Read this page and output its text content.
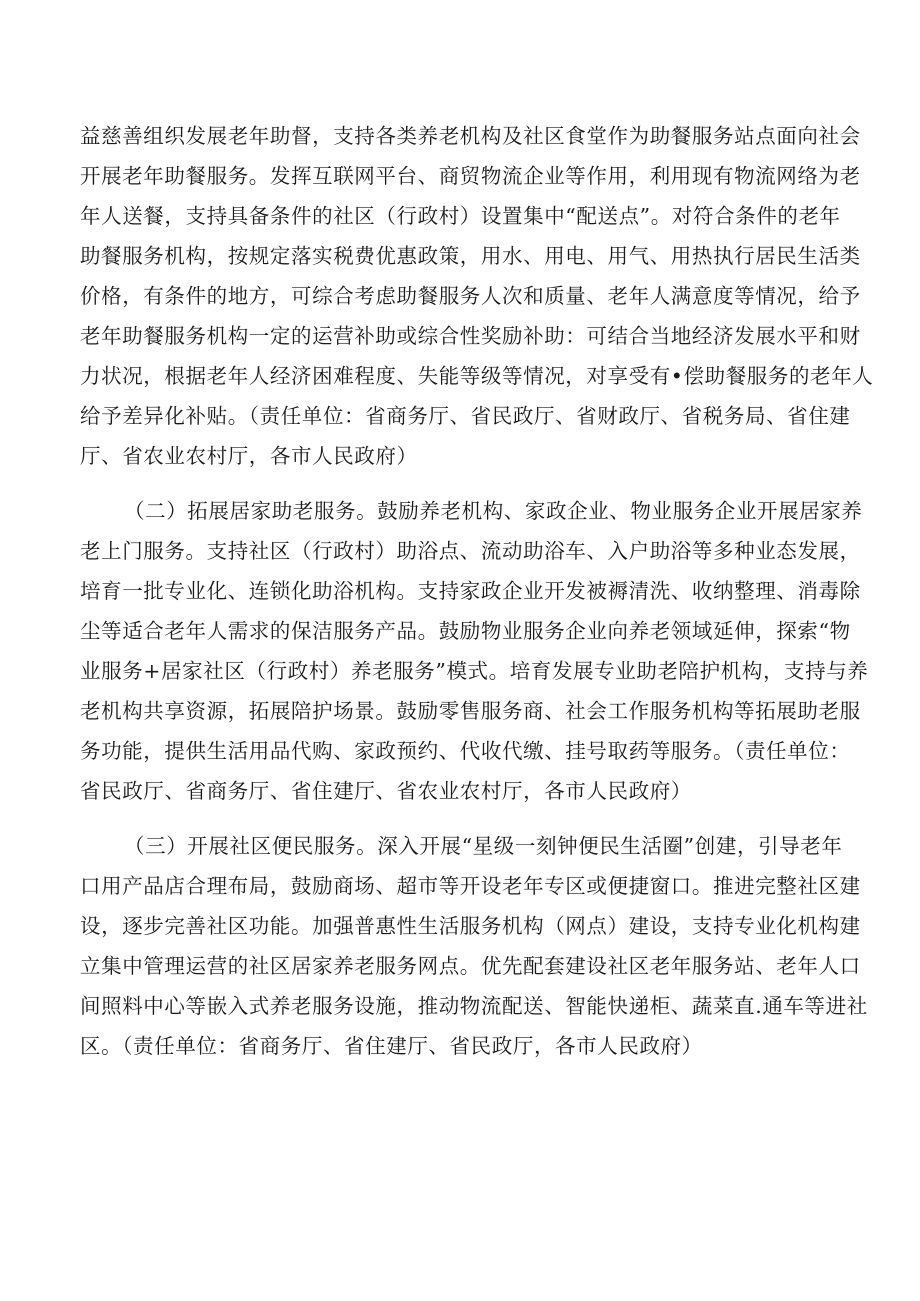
益慈善组织发展老年助督，支持各类养老机构及社区食堂作为助餐服务站点面向社会
开展老年助餐服务。发挥互联网平台、商贸物流企业等作用，利用现有物流网络为老
年人送餐，支持具备条件的社区（行政村）设置集中“配送点”。对符合条件的老年
助餐服务机构，按规定落实税费优惠政策，用水、用电、用气、用热执行居民生活类
价格，有条件的地方，可综合考虑助餐服务人次和质量、老年人满意度等情况，给予
老年助餐服务机构一定的运营补助或综合性奖励补助：可结合当地经济发展水平和财
力状况，根据老年人经济困难程度、失能等级等情况，对享受有•偿助餐服务的老年人
给予差异化补贴。（责任单位：省商务厅、省民政厅、省财政厅、省税务局、省住建
厅、省农业农村厅，各市人民政府）
（二）拓展居家助老服务。鼓励养老机构、家政企业、物业服务企业开展居家养
老上门服务。支持社区（行政村）助浴点、流动助浴车、入户助浴等多种业态发展，
培育一批专业化、连锁化助浴机构。支持家政企业开发被褥清洗、收纳整理、消毒除
尘等适合老年人需求的保洁服务产品。鼓励物业服务企业向养老领域延伸，探索“物
业服务+居家社区（行政村）养老服务”模式。培育发展专业助老陪护机构，支持与养
老机构共享资源，拓展陪护场景。鼓励零售服务商、社会工作服务机构等拓展助老服
务功能，提供生活用品代购、家政预约、代收代缴、挂号取药等服务。（责任单位：
省民政厅、省商务厅、省住建厅、省农业农村厅，各市人民政府）
（三）开展社区便民服务。深入开展“星级一刻钟便民生活圈”创建，引导老年
口用产品店合理布局，鼓励商场、超市等开设老年专区或便捷窗口。推进完整社区建
设，逐步完善社区功能。加强普惠性生活服务机构（网点）建设，支持专业化机构建
立集中管理运营的社区居家养老服务网点。优先配套建设社区老年服务站、老年人口
间照料中心等嵌入式养老服务设施，推动物流配送、智能快递柜、蔬菜直.通车等进社
区。（责任单位：省商务厅、省住建厅、省民政厅，各市人民政府）
